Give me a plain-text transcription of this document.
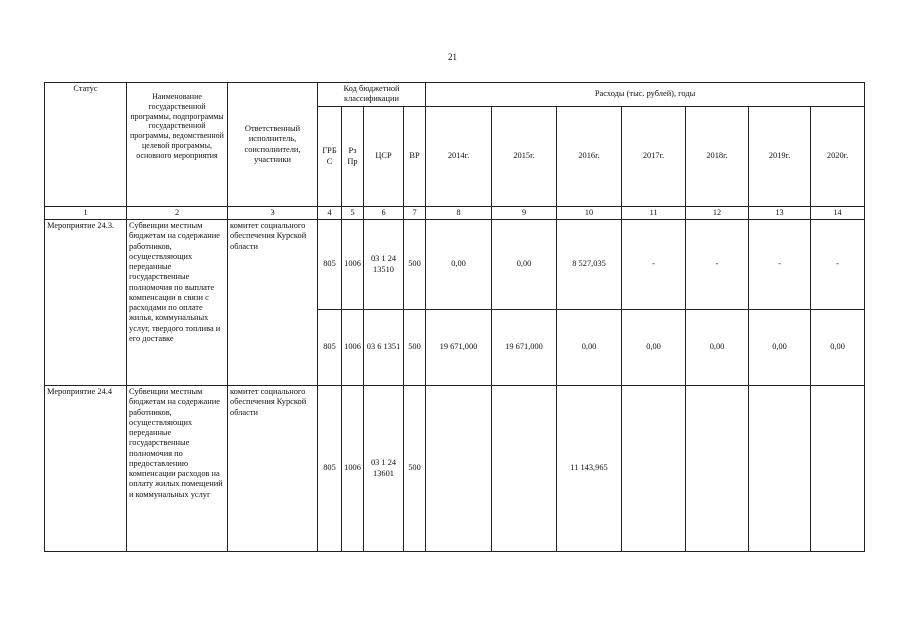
21
Статус	Наименование государственной программы, подпрограммы государственной программы, ведомственной целевой программы, основного мероприятия	Ответственный исполнитель, соисполнители, участники	Код бюджетной классификации				Расходы (тыс. рублей), годы						
			ГРБС	Рз Пр	ЦСР	ВР	2014г.	2015г.	2016г.	2017г.	2018г.	2019г.	2020г.
1	2	3	4	5	6	7	8	9	10	11	12	13	14
Мероприятие 24.3.	Субвенции местным бюджетам на содержание работников, осуществляющих переданные государственные полномочия по выплате компенсации в связи с расходами по оплате жилья, коммунальных услуг, твердого топлива и его доставке	комитет социального обеспечения Курской области	805	1006	03 1 24 13510	500	0,00	0,00	8 527,035	-	-	-	-
			805	1006	03 6 1351	500	19 671,000	19 671,000	0,00	0,00	0,00	0,00	0,00
Мероприятие 24.4	Субвенции местным бюджетам на содержание работников, осуществляющих переданные государственные полномочия по предоставлению компенсации расходов на оплату жилых помещений и коммунальных услуг	комитет социального обеспечения Курской области	805	1006	03 1 24 13601	500			11 143,965				
